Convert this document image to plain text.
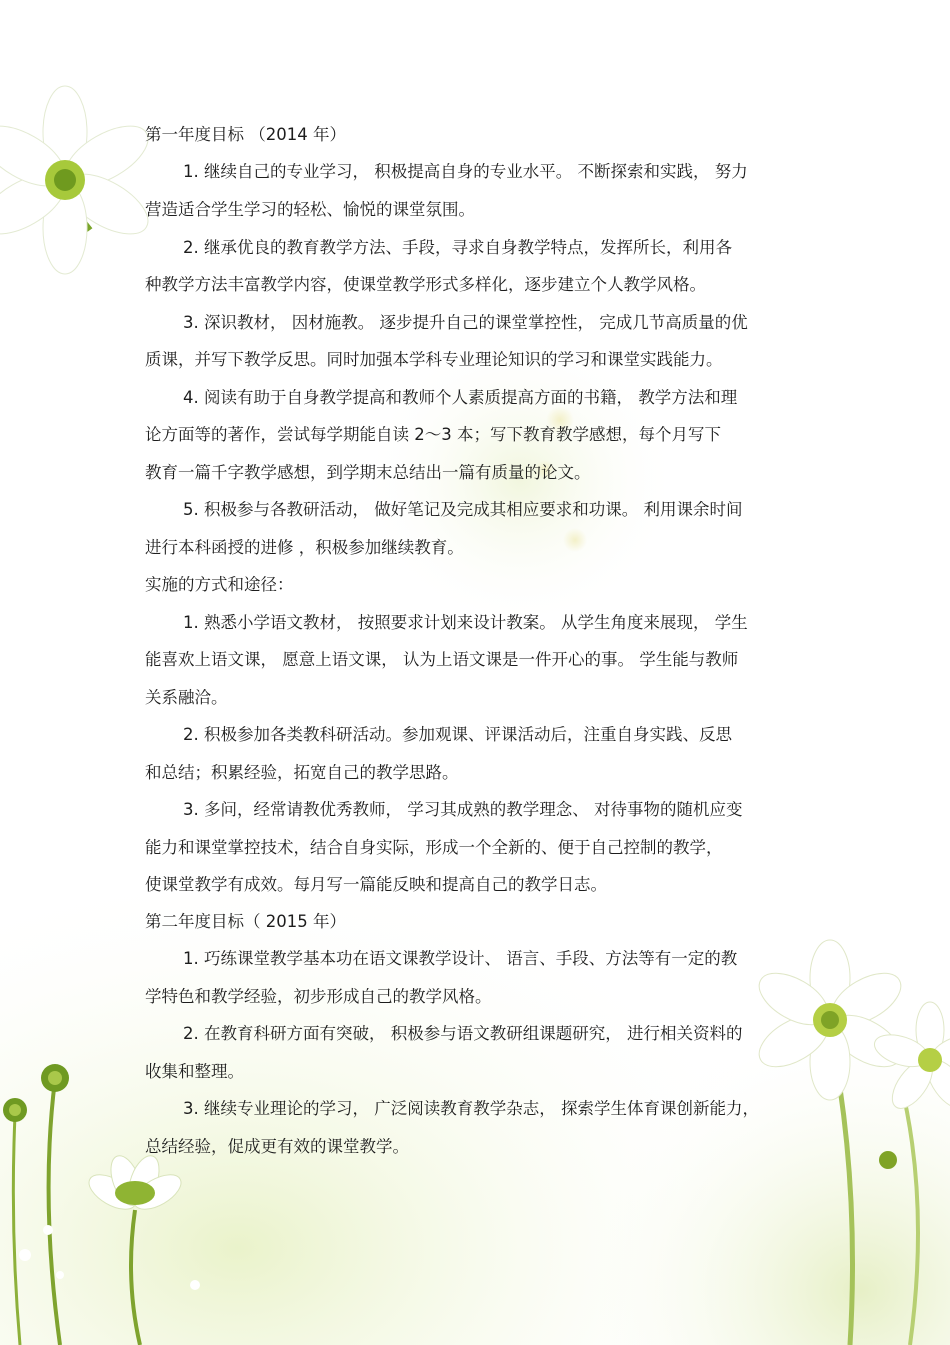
第一年度目标 （2014 年）

1. 继续自己的专业学习， 积极提高自身的专业水平。 不断探索和实践， 努力

营造适合学生学习的轻松、愉悦的课堂氛围。

2. 继承优良的教育教学方法、手段，寻求自身教学特点，发挥所长，利用各

种教学方法丰富教学内容，使课堂教学形式多样化，逐步建立个人教学风格。

3. 深识教材， 因材施教。 逐步提升自己的课堂掌控性， 完成几节高质量的优

质课，并写下教学反思。同时加强本学科专业理论知识的学习和课堂实践能力。

4. 阅读有助于自身教学提高和教师个人素质提高方面的书籍， 教学方法和理

论方面等的著作，尝试每学期能自读 2～3 本；写下教育教学感想，每个月写下

教育一篇千字教学感想，到学期末总结出一篇有质量的论文。

5. 积极参与各教研活动， 做好笔记及完成其相应要求和功课。 利用课余时间

进行本科函授的进修 ，积极参加继续教育。

实施的方式和途径：

1. 熟悉小学语文教材， 按照要求计划来设计教案。 从学生角度来展现， 学生

能喜欢上语文课， 愿意上语文课， 认为上语文课是一件开心的事。 学生能与教师

关系融洽。

2. 积极参加各类教科研活动。参加观课、评课活动后，注重自身实践、反思

和总结；积累经验，拓宽自己的教学思路。

3. 多问，经常请教优秀教师， 学习其成熟的教学理念、 对待事物的随机应变

能力和课堂掌控技术，结合自身实际，形成一个全新的、便于自己控制的教学，

使课堂教学有成效。每月写一篇能反映和提高自己的教学日志。

第二年度目标（ 2015 年）

1. 巧练课堂教学基本功在语文课教学设计、 语言、手段、方法等有一定的教

学特色和教学经验，初步形成自己的教学风格。

2. 在教育科研方面有突破， 积极参与语文教研组课题研究， 进行相关资料的

收集和整理。

3. 继续专业理论的学习， 广泛阅读教育教学杂志， 探索学生体育课创新能力，

总结经验，促成更有效的课堂教学。
